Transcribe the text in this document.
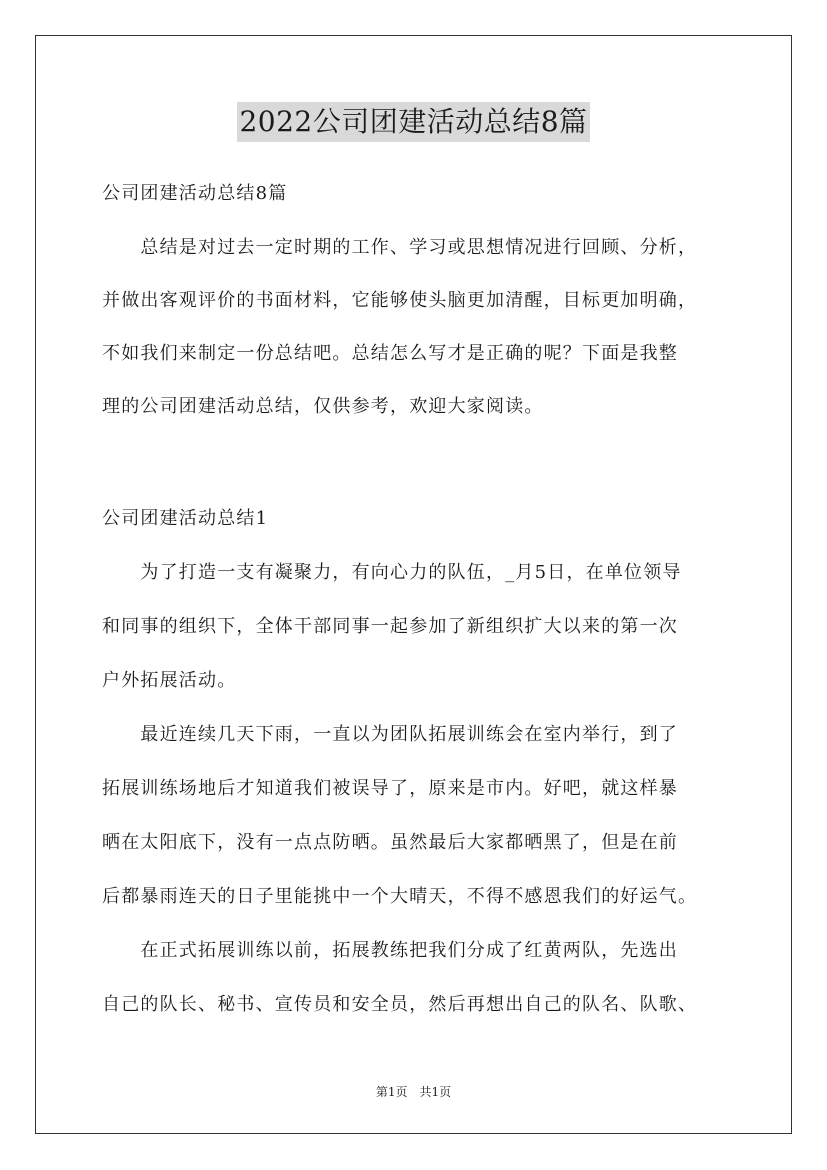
2022公司团建活动总结8篇
公司团建活动总结8篇
　　总结是对过去一定时期的工作、学习或思想情况进行回顾、分析，
并做出客观评价的书面材料，它能够使头脑更加清醒，目标更加明确，
不如我们来制定一份总结吧。总结怎么写才是正确的呢？下面是我整
理的公司团建活动总结，仅供参考，欢迎大家阅读。
公司团建活动总结1
　　为了打造一支有凝聚力，有向心力的队伍，_月5日，在单位领导
和同事的组织下，全体干部同事一起参加了新组织扩大以来的第一次
户外拓展活动。
　　最近连续几天下雨，一直以为团队拓展训练会在室内举行，到了
拓展训练场地后才知道我们被误导了，原来是市内。好吧，就这样暴
晒在太阳底下，没有一点点防晒。虽然最后大家都晒黑了，但是在前
后都暴雨连天的日子里能挑中一个大晴天，不得不感恩我们的好运气。
　　在正式拓展训练以前，拓展教练把我们分成了红黄两队，先选出
自己的队长、秘书、宣传员和安全员，然后再想出自己的队名、队歌、
第1页　共1页
